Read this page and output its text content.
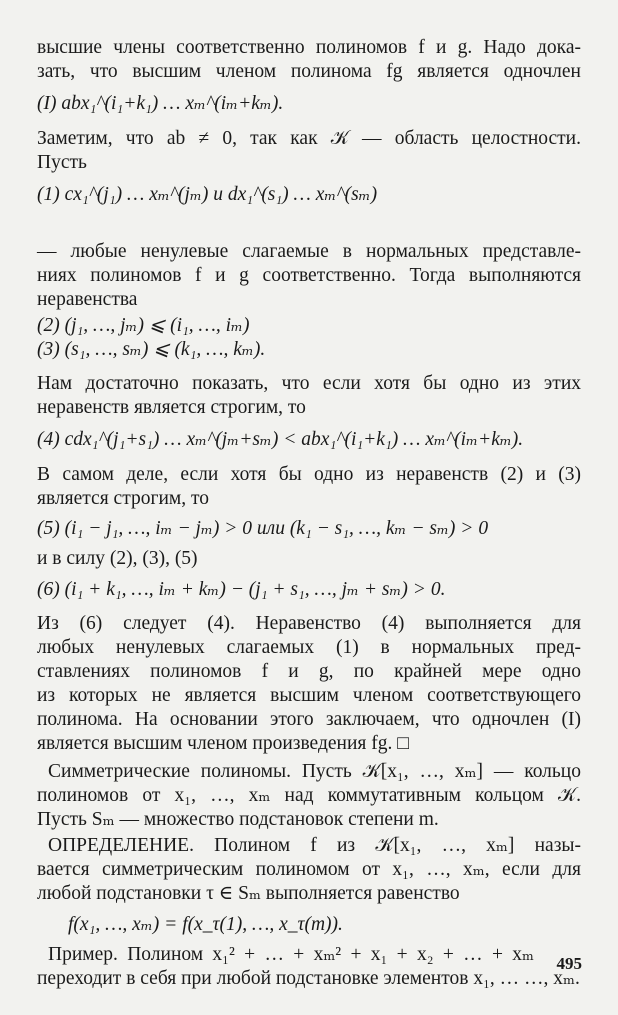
высшие члены соответственно полиномов f и g. Надо дока-
зать, что высшим членом полинома fg является одночлен
(I) abx₁^(i₁+k₁) … xₘ^(iₘ+kₘ).
Заметим, что ab ≠ 0, так как 𝒦 — область целостности.
Пусть
(1) cx₁^(j₁) … xₘ^(jₘ) и dx₁^(s₁) … xₘ^(sₘ)
— любые ненулевые слагаемые в нормальных представле-
ниях полиномов f и g соответственно. Тогда выполняются
неравенства
(2) (j₁, …, jₘ) ⩽ (i₁, …, iₘ)
(3) (s₁, …, sₘ) ⩽ (k₁, …, kₘ).
Нам достаточно показать, что если хотя бы одно из этих
неравенств является строгим, то
(4) cdx₁^(j₁+s₁) … xₘ^(jₘ+sₘ) < abx₁^(i₁+k₁) … xₘ^(iₘ+kₘ).
В самом деле, если хотя бы одно из неравенств (2) и (3)
является строгим, то
(5) (i₁ − j₁, …, iₘ − jₘ) > 0 или (k₁ − s₁, …, kₘ − sₘ) > 0
и в силу (2), (3), (5)
(6) (i₁ + k₁, …, iₘ + kₘ) − (j₁ + s₁, …, jₘ + sₘ) > 0.
Из (6) следует (4). Неравенство (4) выполняется для
любых ненулевых слагаемых (1) в нормальных пред-
ставлениях полиномов f и g, по крайней мере одно
из которых не является высшим членом соответствующего
полинома. На основании этого заключаем, что одночлен (I)
является высшим членом произведения fg. □
Симметрические полиномы. Пусть 𝒦[x₁, …, xₘ] — кольцо
полиномов от x₁, …, xₘ над коммутативным кольцом 𝒦.
Пусть Sₘ — множество подстановок степени m.
ОПРЕДЕЛЕНИЕ. Полином f из 𝒦[x₁, …, xₘ] назы-
вается симметрическим полиномом от x₁, …, xₘ, если для
любой подстановки τ ∈ Sₘ выполняется равенство
f(x₁, …, xₘ) = f(x_τ(1), …, x_τ(m)).
Пример. Полином x₁² + … + xₘ² + x₁ + x₂ + … + xₘ
переходит в себя при любой подстановке элементов x₁, … …, xₘ.
495
